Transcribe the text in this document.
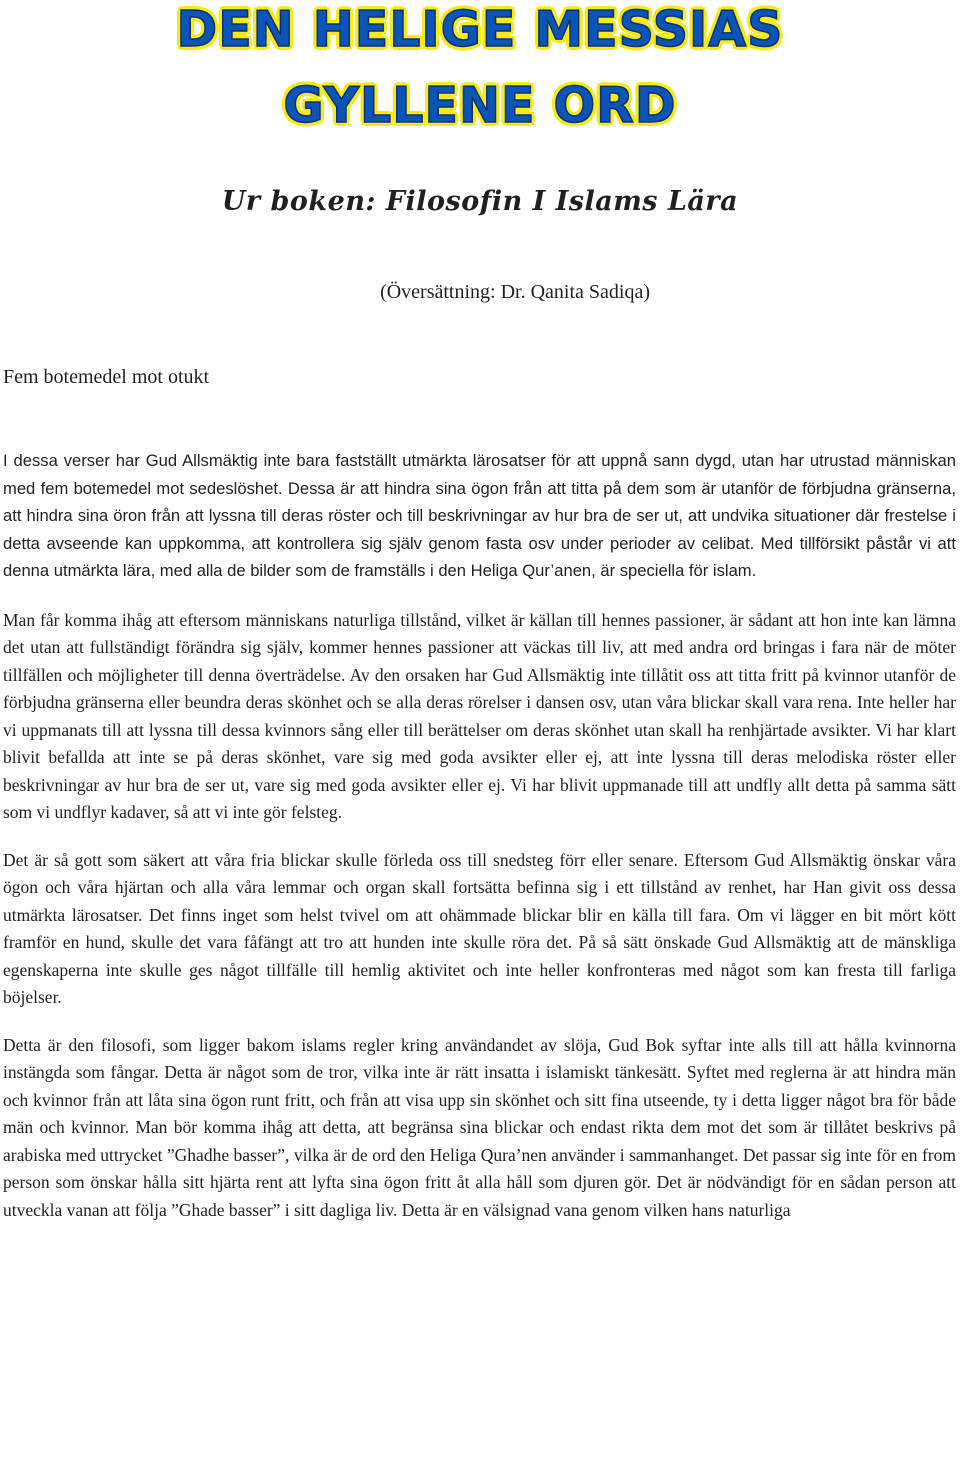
DEN HELIGE MESSIAS
GYLLENE ORD
Ur boken: Filosofin I Islams Lära
(Översättning: Dr. Qanita Sadiqa)
Fem botemedel mot otukt

I dessa verser har Gud Allsmäktig inte bara fastställt utmärkta lärosatser för att uppnå sann dygd, utan har utrustad människan med fem botemedel mot sedeslöshet. Dessa är att hindra sina ögon från att titta på dem som är utanför de förbjudna gränserna, att hindra sina öron från att lyssna till deras röster och till beskrivningar av hur bra de ser ut, att undvika situationer där frestelse i detta avseende kan uppkomma, att kontrollera sig själv genom fasta osv under perioder av celibat. Med tillförsikt påstår vi att denna utmärkta lära, med alla de bilder som de framställs i den Heliga Qur’anen, är speciella för islam.

Man får komma ihåg att eftersom människans naturliga tillstånd, vilket är källan till hennes passioner, är sådant att hon inte kan lämna det utan att fullständigt förändra sig själv, kommer hennes passioner att väckas till liv, att med andra ord bringas i fara när de möter tillfällen och möjligheter till denna överträdelse. Av den orsaken har Gud Allsmäktig inte tillåtit oss att titta fritt på kvinnor utanför de förbjudna gränserna eller beundra deras skönhet och se alla deras rörelser i dansen osv, utan våra blickar skall vara rena. Inte heller har vi uppmanats till att lyssna till dessa kvinnors sång eller till berättelser om deras skönhet utan skall ha renhjärtade avsikter. Vi har klart blivit befallda att inte se på deras skönhet, vare sig med goda avsikter eller ej, att inte lyssna till deras melodiska röster eller beskrivningar av hur bra de ser ut, vare sig med goda avsikter eller ej. Vi har blivit uppmanade till att undfly allt detta på samma sätt som vi undflyr kadaver, så att vi inte gör felsteg.

Det är så gott som säkert att våra fria blickar skulle förleda oss till snedsteg förr eller senare. Eftersom Gud Allsmäktig önskar våra ögon och våra hjärtan och alla våra lemmar och organ skall fortsätta befinna sig i ett tillstånd av renhet, har Han givit oss dessa utmärkta lärosatser. Det finns inget som helst tvivel om att ohämmade blickar blir en källa till fara. Om vi lägger en bit mört kött framför en hund, skulle det vara fåfängt att tro att hunden inte skulle röra det. På så sätt önskade Gud Allsmäktig att de mänskliga egenskaperna inte skulle ges något tillfälle till hemlig aktivitet och inte heller konfronteras med något som kan fresta till farliga böjelser.

Detta är den filosofi, som ligger bakom islams regler kring användandet av slöja, Gud Bok syftar inte alls till att hålla kvinnorna instängda som fångar. Detta är något som de tror, vilka inte är rätt insatta i islamiskt tänkesätt. Syftet med reglerna är att hindra män och kvinnor från att låta sina ögon runt fritt, och från att visa upp sin skönhet och sitt fina utseende, ty i detta ligger något bra för både män och kvinnor. Man bör komma ihåg att detta, att begränsa sina blickar och endast rikta dem mot det som är tillåtet beskrivs på arabiska med uttrycket ”Ghadhe basser”, vilka är de ord den Heliga Qura’nen använder i sammanhanget. Det passar sig inte för en from person som önskar hålla sitt hjärta rent att lyfta sina ögon fritt åt alla håll som djuren gör. Det är nödvändigt för en sådan person att utveckla vanan att följa ”Ghade basser” i sitt dagliga liv. Detta är en välsignad vana genom vilken hans naturliga
